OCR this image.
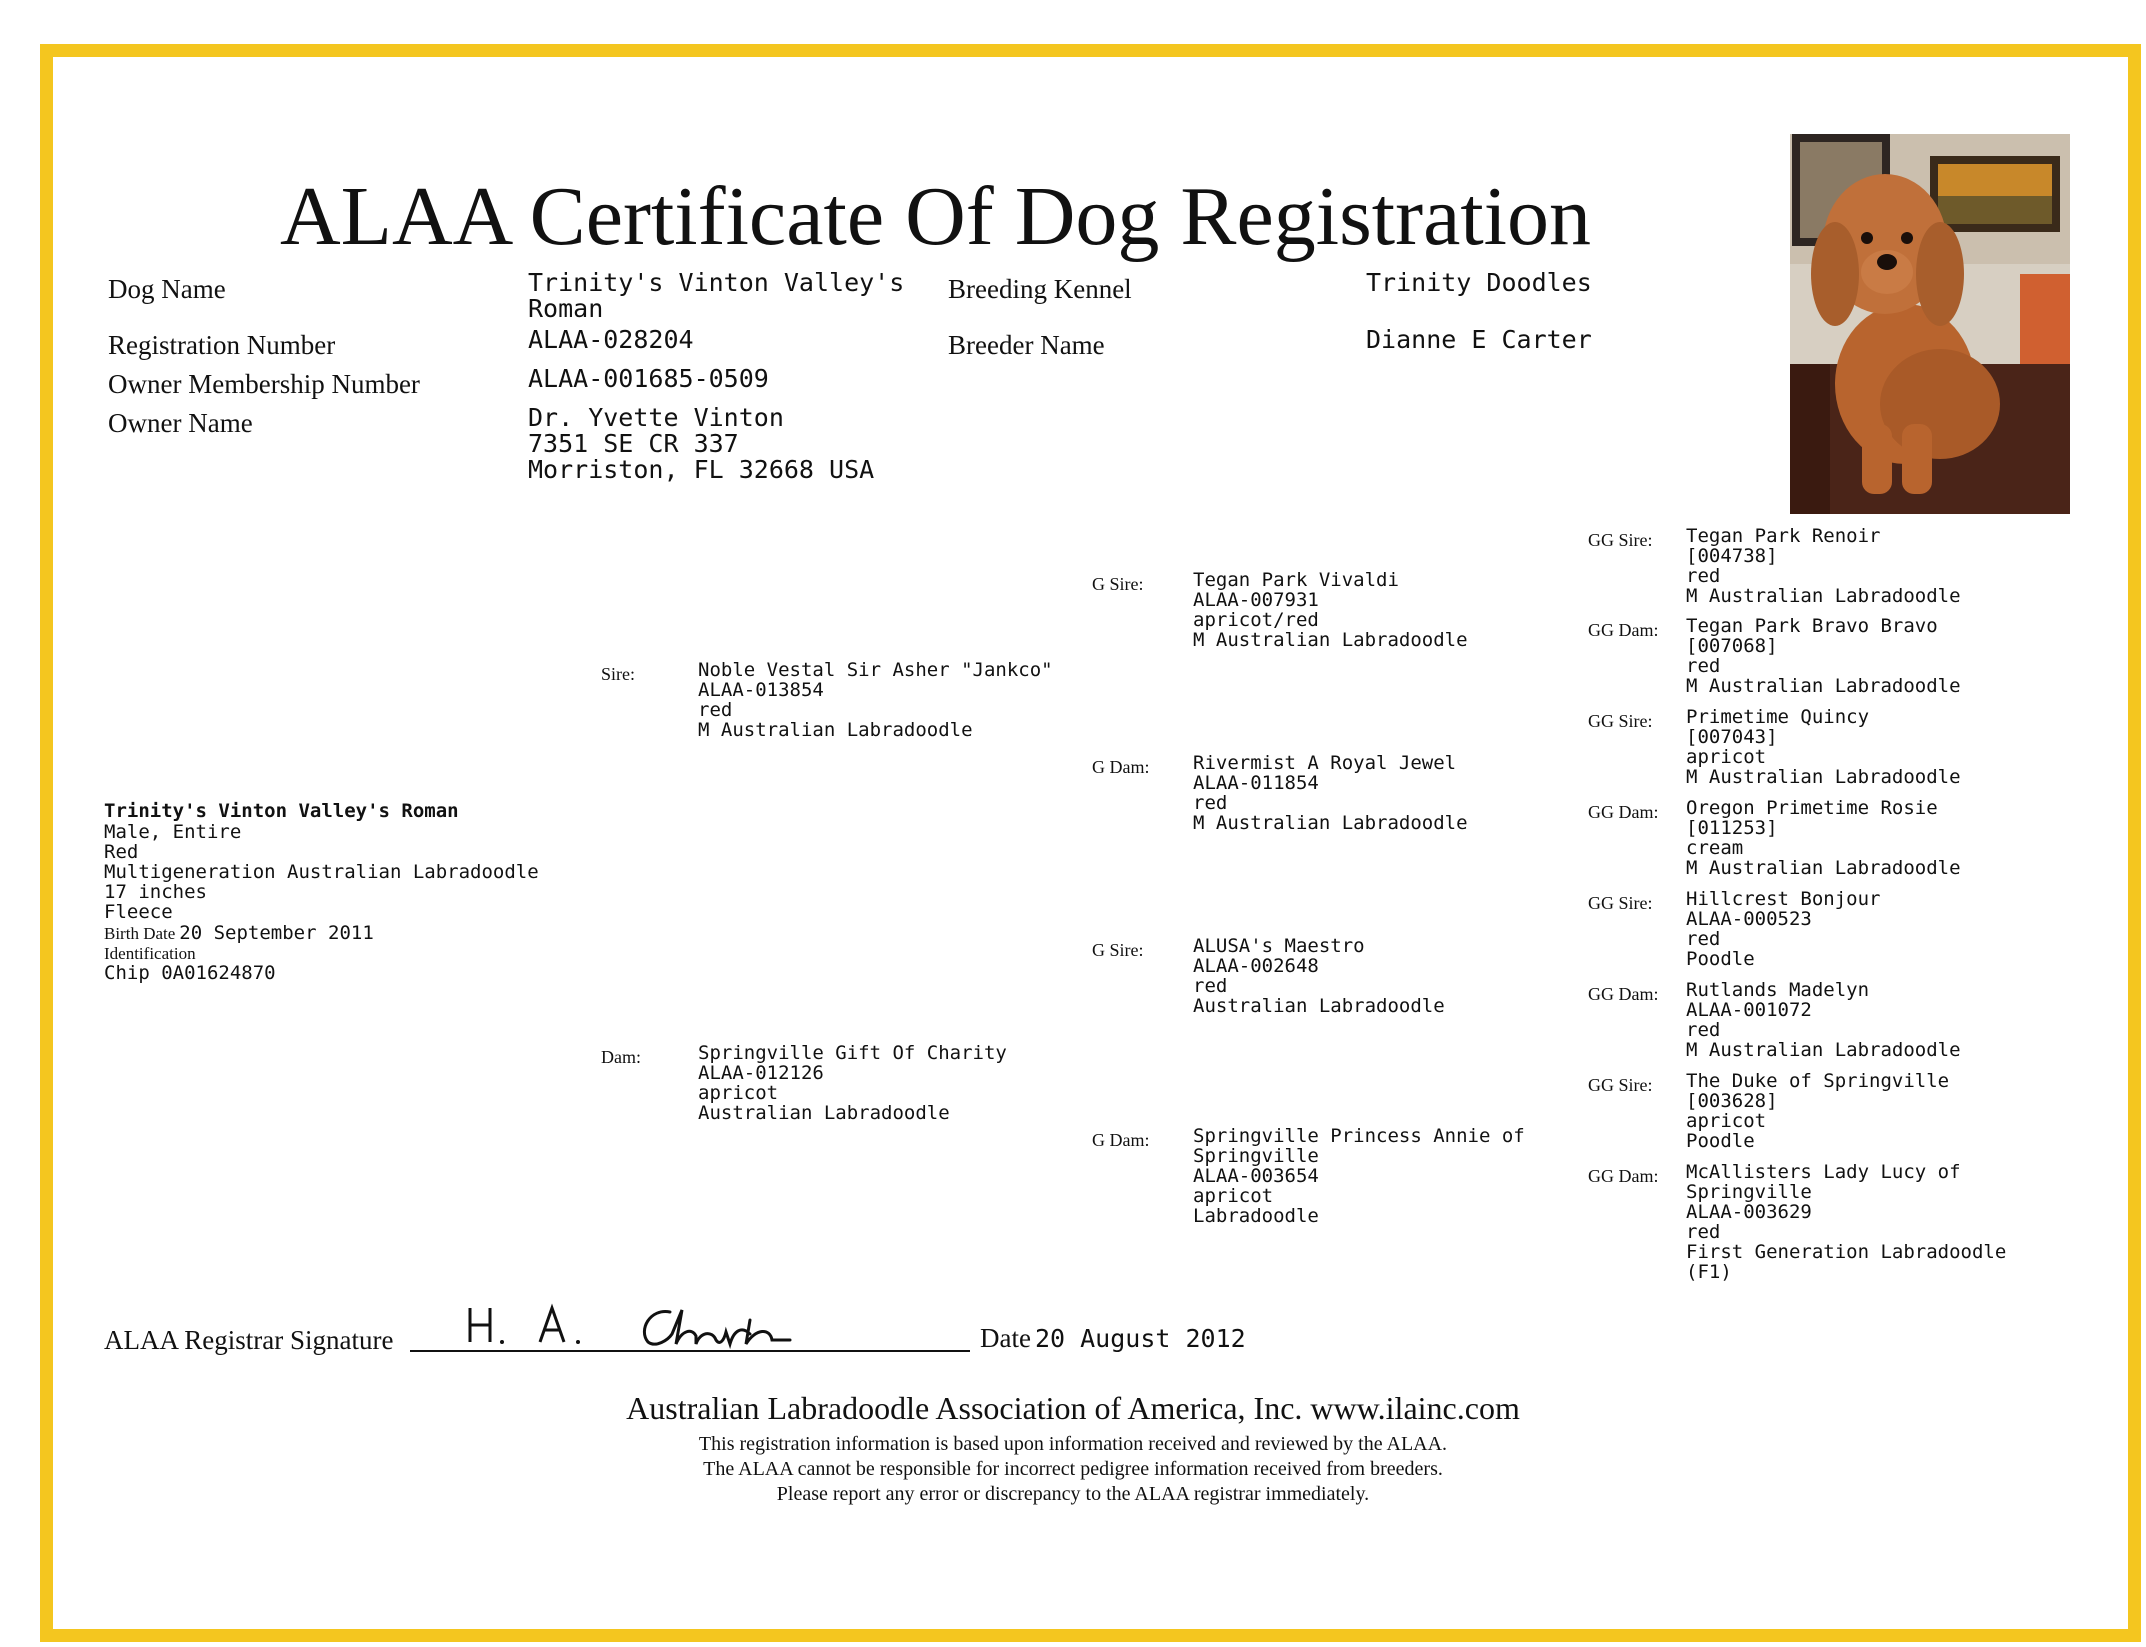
ALAA Certificate Of Dog Registration
Dog Name	Trinity's Vinton Valley's
Roman
Registration Number	ALAA-028204
Owner Membership Number	ALAA-001685-0509
Owner Name	Dr. Yvette Vinton
7351 SE CR 337
Morriston, FL 32668 USA
Breeding Kennel	Trinity Doodles
Breeder Name	Dianne E Carter
Trinity's Vinton Valley's Roman
Male, Entire
Red
Multigeneration Australian Labradoodle
17 inches
Fleece
Birth Date 20 September 2011
Identification
Chip 0A01624870
Sire:	Noble Vestal Sir Asher "Jankco"
ALAA-013854
red
M Australian Labradoodle
Dam:	Springville Gift Of Charity
ALAA-012126
apricot
Australian Labradoodle
G Sire:	Tegan Park Vivaldi
ALAA-007931
apricot/red
M Australian Labradoodle
G Dam: Rivermist A Royal Jewel
ALAA-011854
red
M Australian Labradoodle
G Sire:	ALUSA's Maestro
ALAA-002648
red
Australian Labradoodle
G Dam: Springville Princess Annie of
Springville
ALAA-003654
apricot
Labradoodle
GG Sire: Tegan Park Renoir
[004738]
red
M Australian Labradoodle
GG Dam: Tegan Park Bravo Bravo
[007068]
red
M Australian Labradoodle
GG Sire: Primetime Quincy
[007043]
apricot
M Australian Labradoodle
GG Dam: Oregon Primetime Rosie
[011253]
cream
M Australian Labradoodle
GG Sire: Hillcrest Bonjour
ALAA-000523
red
Poodle
GG Dam: Rutlands Madelyn
ALAA-001072
red
M Australian Labradoodle
GG Sire: The Duke of Springville
[003628]
apricot
Poodle
GG Dam: McAllisters Lady Lucy of
Springville
ALAA-003629
red
First Generation Labradoodle
(F1)
ALAA Registrar Signature	Date 20 August 2012
Australian Labradoodle Association of America, Inc. www.ilainc.com
This registration information is based upon information received and reviewed by the ALAA.
The ALAA cannot be responsible for incorrect pedigree information received from breeders.
Please report any error or discrepancy to the ALAA registrar immediately.
